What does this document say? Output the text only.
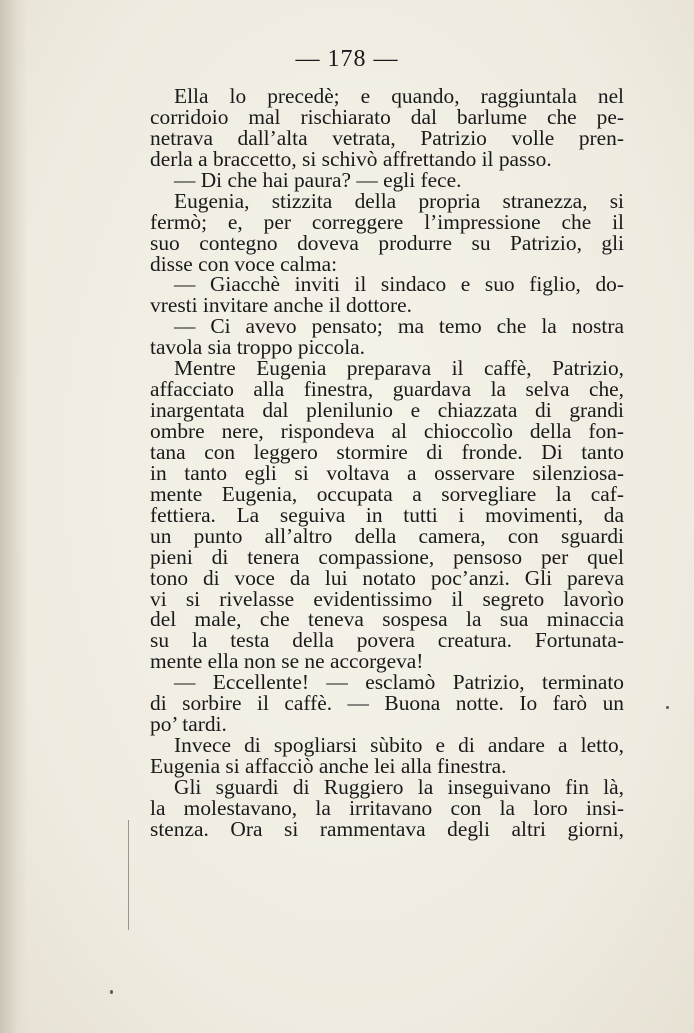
— 178 —
Ella lo precedè; e quando, raggiuntala nel
corridoio mal rischiarato dal barlume che pe-
netrava dall’alta vetrata, Patrizio volle pren-
derla a braccetto, si schivò affrettando il passo.
— Di che hai paura? — egli fece.
Eugenia, stizzita della propria stranezza, si
fermò; e, per correggere l’impressione che il
suo contegno doveva produrre su Patrizio, gli
disse con voce calma:
— Giacchè inviti il sindaco e suo figlio, do-
vresti invitare anche il dottore.
— Ci avevo pensato; ma temo che la nostra
tavola sia troppo piccola.
Mentre Eugenia preparava il caffè, Patrizio,
affacciato alla finestra, guardava la selva che,
inargentata dal plenilunio e chiazzata di grandi
ombre nere, rispondeva al chioccolìo della fon-
tana con leggero stormire di fronde. Di tanto
in tanto egli si voltava a osservare silenziosa-
mente Eugenia, occupata a sorvegliare la caf-
fettiera. La seguiva in tutti i movimenti, da
un punto all’altro della camera, con sguardi
pieni di tenera compassione, pensoso per quel
tono di voce da lui notato poc’anzi. Gli pareva
vi si rivelasse evidentissimo il segreto lavorìo
del male, che teneva sospesa la sua minaccia
su la testa della povera creatura. Fortunata-
mente ella non se ne accorgeva!
— Eccellente! — esclamò Patrizio, terminato
di sorbire il caffè. — Buona notte. Io farò un
po’ tardi.
Invece di spogliarsi sùbito e di andare a letto,
Eugenia si affacciò anche lei alla finestra.
Gli sguardi di Ruggiero la inseguivano fin là,
la molestavano, la irritavano con la loro insi-
stenza. Ora si rammentava degli altri giorni,
